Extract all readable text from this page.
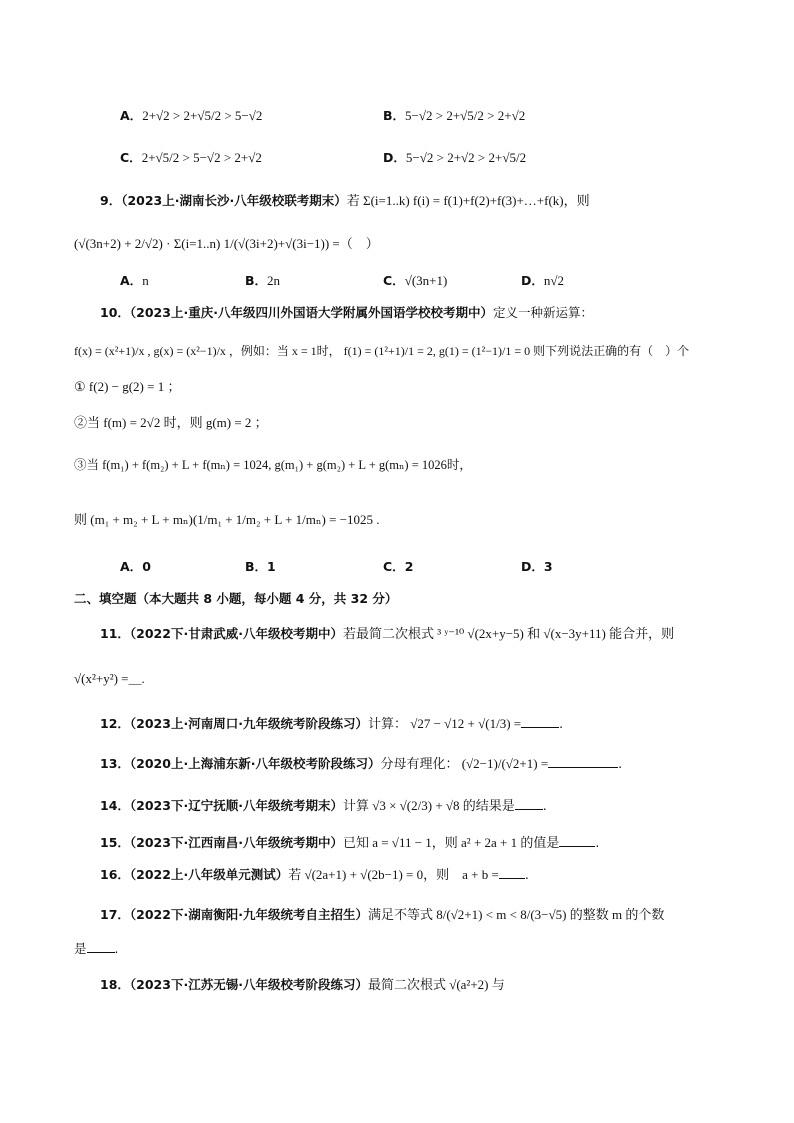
A．2+√2 > 2+√5/2 > 5−√2	B．5−√2 > 2+√5/2 > 2+√2
C．2+√5/2 > 5−√2 > 2+√2	D．5−√2 > 2+√2 > 2+√5/2
9．（2023上·湖南长沙·八年级校联考期末）若 Σ(i=1..k) f(i) = f(1)+f(2)+f(3)+…+f(k)，则
(√(3n+2) + 2/√2) · Σ(i=1..n) 1/(√(3i+2)+√(3i−1)) =（　）
A．n	B．2n	C．√(3n+1)	D．n√2
10．（2023上·重庆·八年级四川外国语大学附属外国语学校校考期中）定义一种新运算：
f(x) = (x²+1)/x , g(x) = (x²−1)/x ，例如：当 x = 1时， f(1) = (1²+1)/1 = 2, g(1) = (1²−1)/1 = 0 则下列说法正确的有（　）个
① f(2) − g(2) = 1 ；
②当 f(m) = 2√2 时，则 g(m) = 2 ；
③当 f(m₁) + f(m₂) + L + f(mₙ) = 1024, g(m₁) + g(m₂) + L + g(mₙ) = 1026时，
则 (m₁ + m₂ + L + mₙ)(1/m₁ + 1/m₂ + L + 1/mₙ) = −1025 .
A．0	B．1	C．2	D．3
二、填空题（本大题共 8 小题，每小题 4 分，共 32 分）
11．（2022下·甘肃武威·八年级校考期中）若最简二次根式 ³ ʸ⁻¹⁰ √(2x+y−5) 和 √(x−3y+11) 能合并，则
√(x²+y²) =＿.
12．（2023上·河南周口·九年级统考阶段练习）计算： √27 − √12 + √(1/3) =	.
13．（2020上·上海浦东新·八年级校考阶段练习）分母有理化： (√2−1)/(√2+1) =	.
14．（2023下·辽宁抚顺·八年级统考期末）计算 √3 × √(2/3) + √8 的结果是 .
15．（2023下·江西南昌·八年级统考期中）已知 a = √11 − 1，则 a² + 2a + 1 的值是	.
16．（2022上·八年级单元测试）若 √(2a+1) + √(2b−1) = 0，则　a + b = .
17．（2022下·湖南衡阳·九年级统考自主招生）满足不等式 8/(√2+1) < m < 8/(3−√5) 的整数 m 的个数
是 .
18．（2023下·江苏无锡·八年级校考阶段练习）最简二次根式 √(a²+2) 与
